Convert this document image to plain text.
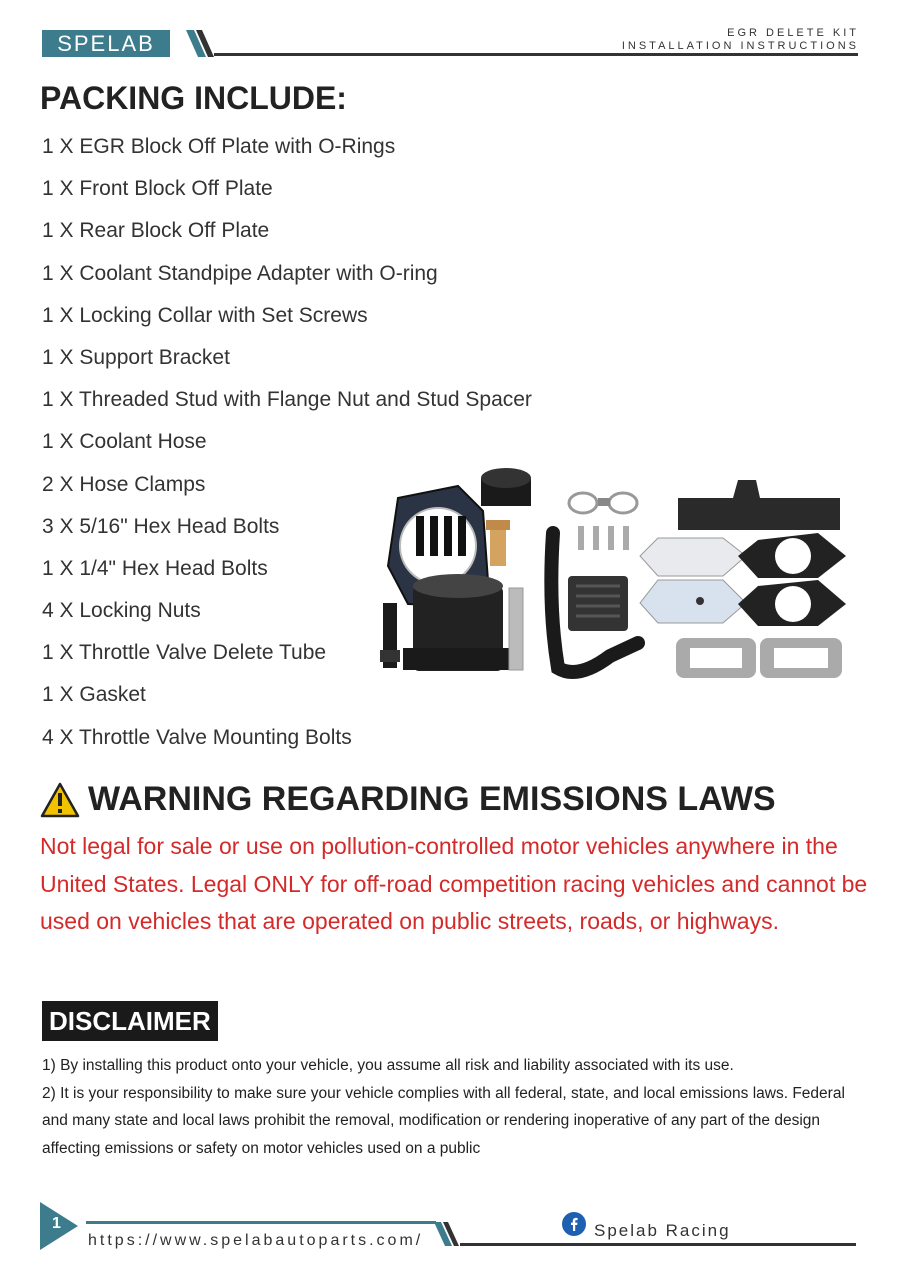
SPELAB	EGR DELETE KIT
INSTALLATION INSTRUCTIONS
PACKING INCLUDE:
1 X EGR Block Off Plate with O-Rings
1 X Front Block Off Plate
1 X Rear Block Off Plate
1 X Coolant Standpipe Adapter with O-ring
1 X Locking Collar with Set Screws
1 X Support Bracket
1 X Threaded Stud with Flange Nut and Stud Spacer
1 X Coolant Hose
2 X Hose Clamps
3 X 5/16" Hex Head Bolts
1 X 1/4" Hex Head Bolts
4 X Locking Nuts
1 X Throttle Valve Delete Tube
1 X Gasket
4 X Throttle Valve Mounting Bolts
WARNING REGARDING EMISSIONS LAWS
Not legal for sale or use on pollution-controlled motor vehicles anywhere in the United States. Legal ONLY for off-road competition racing vehicles and cannot be used on vehicles that are operated on public streets, roads, or highways.
DISCLAIMER

1) By installing this product onto your vehicle, you assume all risk and liability associated with its use.

2) It is your responsibility to make sure your vehicle complies with all federal, state, and local emissions laws. Federal and many state and local laws prohibit the removal, modification or rendering inoperative of any part of the design affecting emissions or safety on motor vehicles used on a public

1
https://www.spelabautoparts.com/
Spelab Racing
